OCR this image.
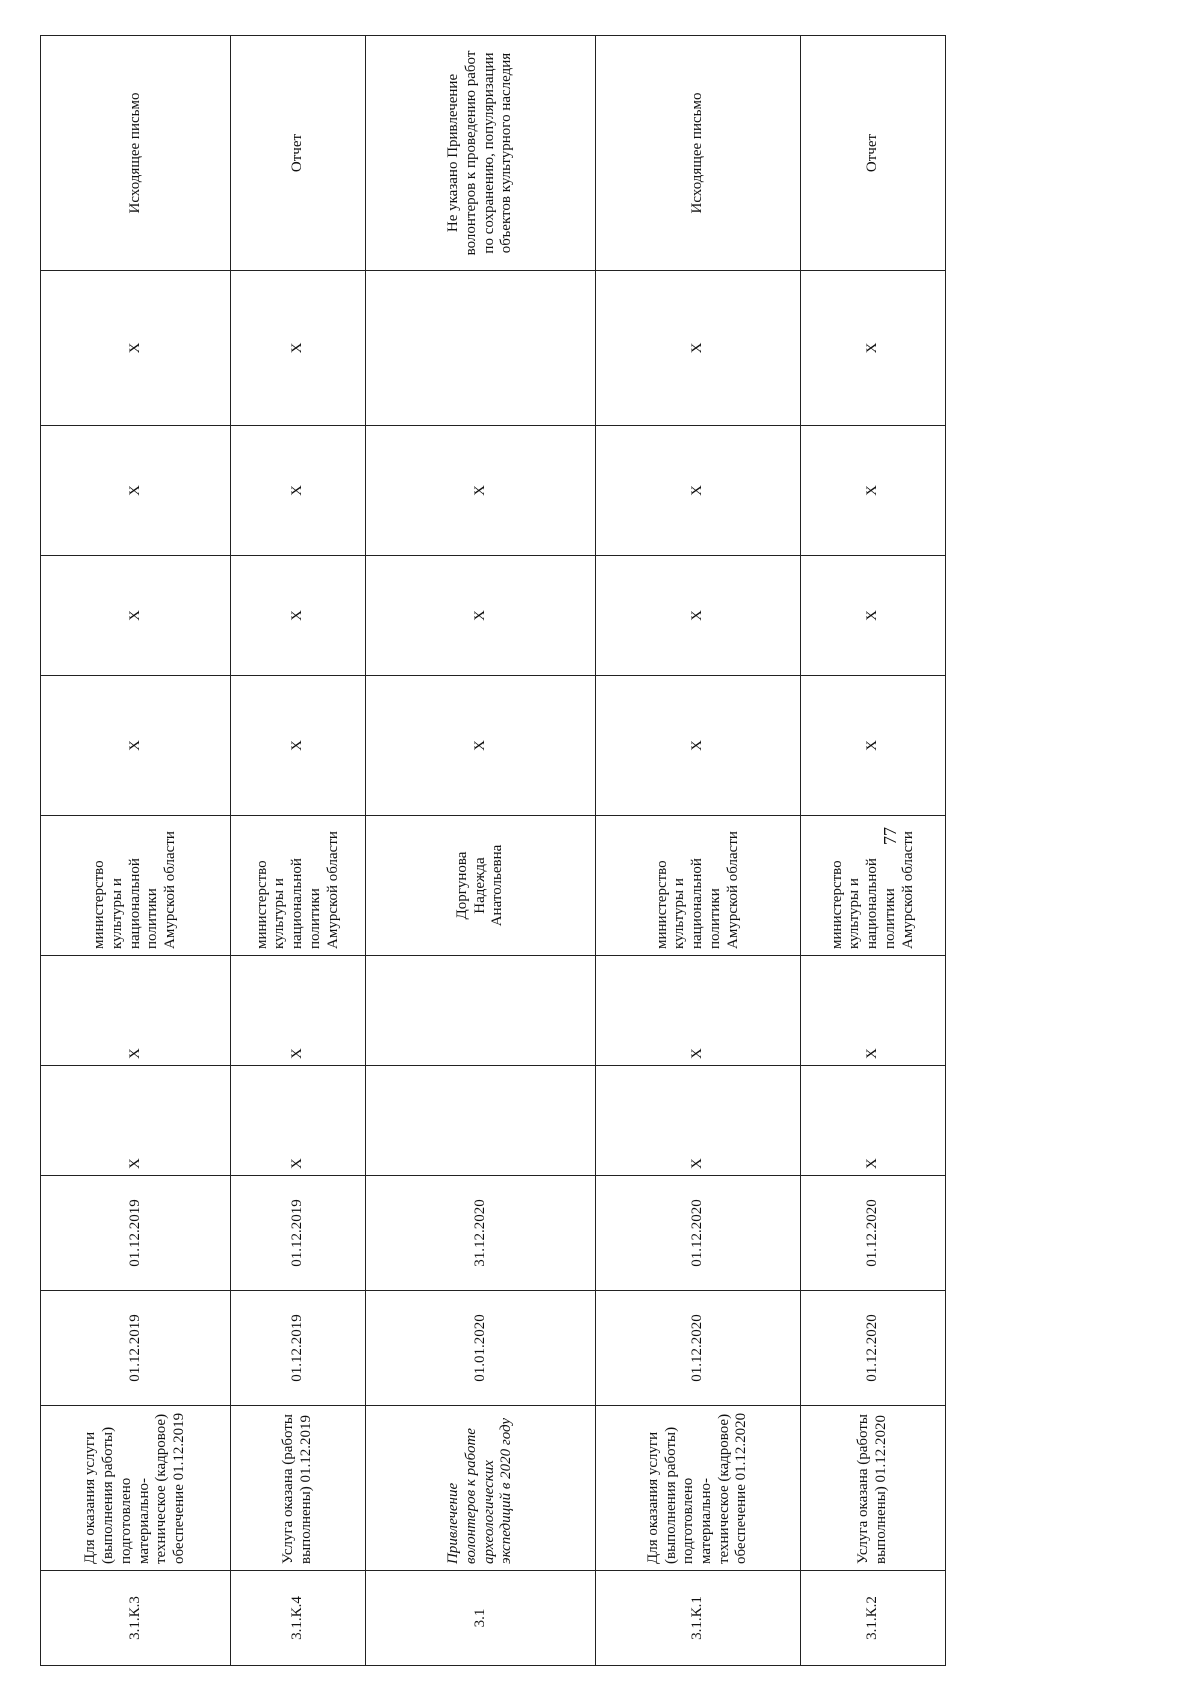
3.1.К.3	Для оказания услуги (выполнения работы) подготовлено материально-техническое (кадровое) обеспечение 01.12.2019	01.12.2019	01.12.2019	X	X	министерство культуры и национальной политики Амурской области	X	X	X	X	Исходящее письмо
3.1.К.4	Услуга оказана (работы выполнены) 01.12.2019	01.12.2019	01.12.2019	X	X	министерство культуры и национальной политики Амурской области	X	X	X	X	Отчет
3.1	Привлечение волонтеров к работе археологических экспедиций в 2020 году	01.01.2020	31.12.2020			Доргунова Надежда Анатольевна	X	X	X		Не указано Привлечение волонтеров к проведению работ по сохранению, популяризации объектов культурного наследия
3.1.К.1	Для оказания услуги (выполнения работы) подготовлено материально-техническое (кадровое) обеспечение 01.12.2020	01.12.2020	01.12.2020	X	X	министерство культуры и национальной политики Амурской области	X	X	X	X	Исходящее письмо
3.1.К.2	Услуга оказана (работы выполнены) 01.12.2020	01.12.2020	01.12.2020	X	X	министерство культуры и национальной политики Амурской области	X	X	X	X	Отчет
77
